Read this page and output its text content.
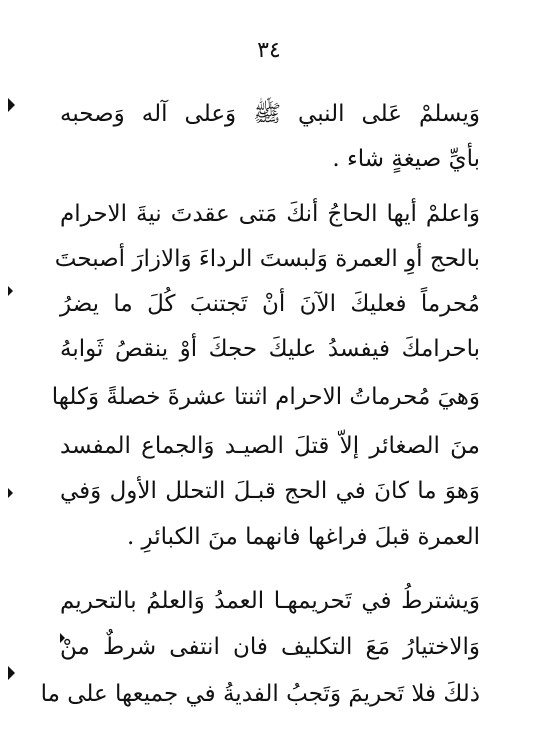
٣٤
وَيسلمْ عَلى النبي ﷺ وَعلى آله وَصحبه
بأيِّ صيغةٍ شاء .
وَاعلمْ أيها الحاجُ أنكَ مَتى عقدتَ نيةَ الاحرام
بالحج أوِ العمرة وَلبستَ الرداءَ وَالازارَ أصبحتَ
مُحرماً فعليكَ الآنَ أنْ تَجتنبَ كُلَ ما يضرُ
باحرامكَ فيفسدُ عليكَ حجكَ أوْ ينقصُ ثَوابهُ
وَهيَ مُحرماتُ الاحرام اثنتا عشرةَ خصلةً وَكلها
منَ الصغائر إلاّ قتلَ الصيـد وَالجماع المفسد
وَهوَ ما كانَ في الحج قبـلَ التحلل الأول وَفي
العمرة قبلَ فراغها فانهما منَ الكبائرِ .
وَيشترطُ في تَحريمهـا العمدُ وَالعلمُ بالتحريم
وَالاختيارُ مَعَ التكليف فان انتفى شرطٌ منْ
ذلكَ فلا تَحريمَ وَتَجبُ الفديةُ في جميعها على ما
